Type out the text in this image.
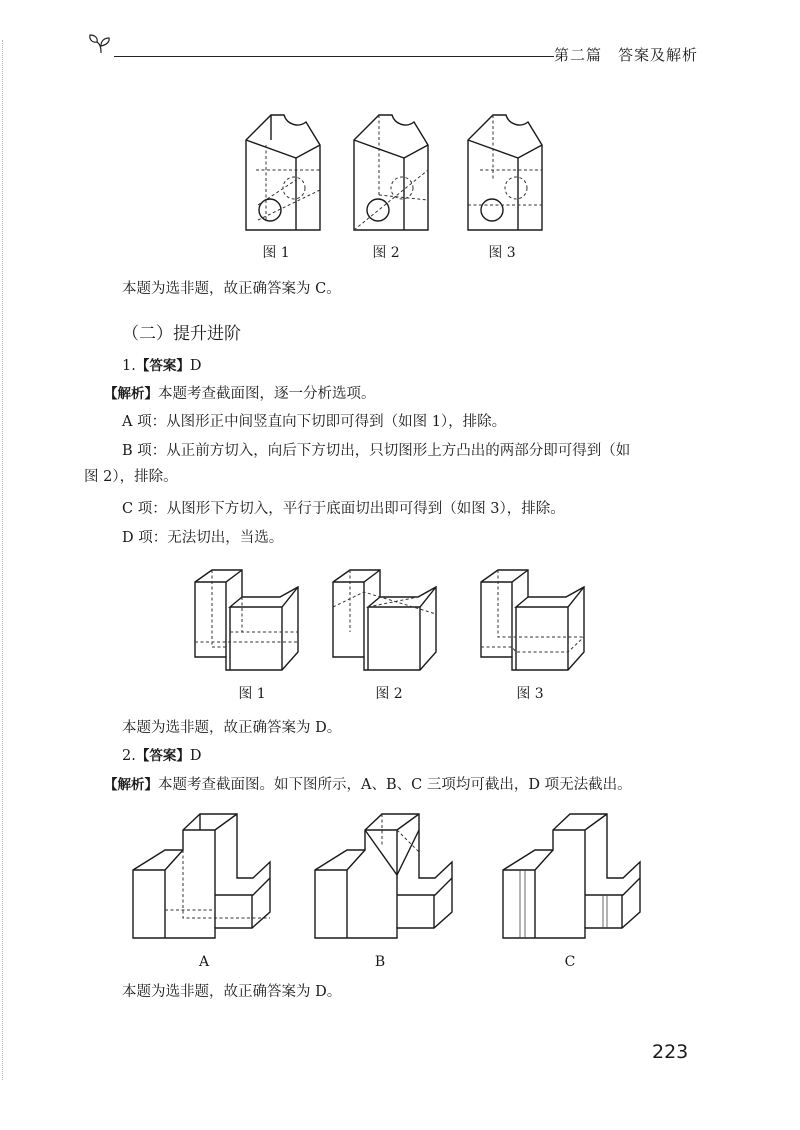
第二篇　答案及解析
图 1	图 2	图 3
本题为选非题，故正确答案为 C。
（二）提升进阶
1.【答案】D
【解析】本题考查截面图，逐一分析选项。
A 项：从图形正中间竖直向下切即可得到（如图 1），排除。
B 项：从正前方切入，向后下方切出，只切图形上方凸出的两部分即可得到（如
图 2），排除。
C 项：从图形下方切入，平行于底面切出即可得到（如图 3），排除。
D 项：无法切出，当选。
图 1	图 2	图 3
本题为选非题，故正确答案为 D。
2.【答案】D
【解析】本题考查截面图。如下图所示，A、B、C 三项均可截出，D 项无法截出。
A	B	C
本题为选非题，故正确答案为 D。
223
